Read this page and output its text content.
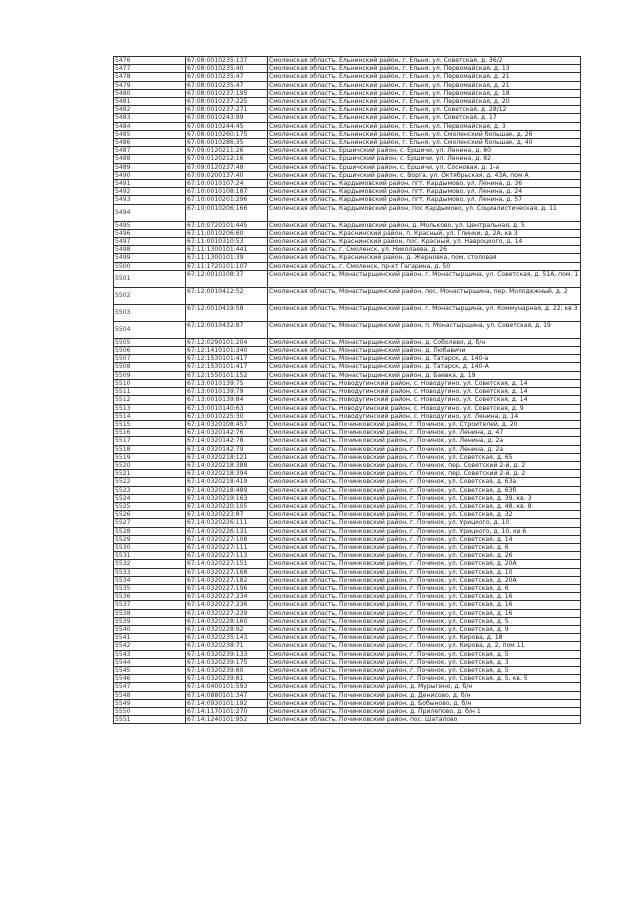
5476	67:08:0010235:137	Смоленская область, Ельнинский район, г. Ельня, ул. Советская, д. 36/2
5477	67:08:0010235:40	Смоленская область, Ельнинский район, г. Ельня, ул. Первомайская, д. 13
5478	67:08:0010235:47	Смоленская область, Ельнинский район, г. Ельня, ул. Первомайская, д. 21
5479	67:08:0010235:47	Смоленская область, Ельнинский район, г. Ельня, ул. Первомайская, д. 21
5480	67:08:0010237:195	Смоленская область, Ельнинский район, г. Ельня, ул. Первомайская, д. 18
5481	67:08:0010237:225	Смоленская область, Ельнинский район, г. Ельня, ул. Первомайская, д. 20
5482	67:08:0010237:271	Смоленская область, Ельнинский район, г. Ельня, ул. Советская, д. 28/12
5483	67:08:0010243:99	Смоленская область, Ельнинский район, г. Ельня, ул. Советская, д. 17
5484	67:08:0010244:45	Смоленская область, Ельнинский район, г. Ельня, ул. Первомайская, д. 3
5485	67:08:0010260:175	Смоленская область, Ельнинский район, г. Ельня, ул. Смоленский большак, д. 26
5486	67:08:0010286:35	Смоленская область, Ельнинский район, г. Ельня, ул. Смоленский большак, д. 40
5487	67:09:0120211:26	Смоленская область, Ершичский район, с. Ершичи, ул. Ленина, д. 80
5488	67:09:0120212:16	Смоленская область, Ершичский район, с. Ершичи, ул. Ленина, д. 82
5489	67:09:0120237:48	Смоленская область, Ершичский район, с. Ершичи, ул. Сосновая, д. 1-а
5490	67:09:0200137:40	Смоленская область, Ершичский район, с. Ворга, ул. Октябрьская, д. 43А, пом А
5491	67:10:0010107:24	Смоленская область, Кардымовский район, пгт. Кардымово, ул. Ленина, д. 36
5492	67:10:0010108:187	Смоленская область, Кардымовский район, пгт. Кардымово, ул. Ленина, д. 24
5493	67:10:0010201:296	Смоленская область, Кардымовский район, пгт. Кардымово, ул. Ленина, д. 57
5494	67:10:0010206:166	Смоленская область, Кардымовский район, пос Кардымово, ул. Социалистическая, д. 11
5495	67:10:0720101:445	Смоленская область, Кардымовский район, д. Мольково, ул. Центральная, д. 5
5496	67:11:0010206:60	Смоленская область, Краснинский район, п. Красный, ул. Глинки, д. 2А, кв 3
5497	67:11:0010310:53	Смоленская область, Краснинский район, пос. Красный, ул. Навроцкого, д. 14
5498	67:11:1300101:441	Смоленская область, г. Смоленск, ул. Николаева, д. 26
5499	67:11:1300101:39	Смоленская область, Краснинский район, д. Жерновка, пом. столовая
5500	67:11:1720101:107	Смоленская область, г. Смоленск, пр-кт Гагарина, д. 50
5501	67:12:0010108:37	Смоленская область, Монастырщинский район, г. Монастырщина, ул. Советская, д. 51А, пом. 1
5502	67:12:0010412:52	Смоленская область, Монастырщинский район, пос. Монастырщина, пер. Молодежный, д. 2
5503	67:12:0010419:58	Смоленская область, Монастырщинский район, г. Монастырщина, ул. Коммунарная, д. 22, кв 3
5504	67:12:0010432:87	Смоленская область, Монастырщинский район, п. Монастырщина, ул. Советская, д. 19
5505	67:12:0290101:204	Смоленская область, Монастырщинский район, д. Соболево, д. б/н
5506	67:12:1410101:340	Смоленская область, Монастырщинский район, д. Любавичи
5507	67:12:1530101:417	Смоленская область, Монастырщинский район, д. Татарск, д. 140-а
5508	67:12:1530101:417	Смоленская область, Монастырщинский район, д. Татарск, д. 140-А
5509	67:12:1550101:152	Смоленская область, Монастырщинский район, д. Баевка, д. 19
5510	67:13:0010139:75	Смоленская область, Новодугинский район, с. Новодугино, ул. Советская, д. 14
5511	67:13:0010139:79	Смоленская область, Новодугинский район, с. Новодугино, ул. Советская, д. 14
5512	67:13:0010139:84	Смоленская область, Новодугинский район, с. Новодугино, ул. Советская, д. 14
5513	67:13:0010140:63	Смоленская область, Новодугинский район, с. Новодугино, ул. Советская, д. 9
5514	67:13:0010225:30	Смоленская область, Новодугинский район, с. Новодугино, ул. Ленина, д. 14
5515	67:14:0320108:457	Смоленская область, Починковский район, г. Починок, ул. Строителей, д. 20
5516	67:14:0320142:76	Смоленская область, Починковский район, г. Починок, ул. Ленина, д. 47
5517	67:14:0320142:78	Смоленская область, Починковский район, г. Починок, ул. Ленина, д. 2а
5518	67:14:0320142:79	Смоленская область, Починковский район, г. Починок, ул. Ленина, д. 2а
5519	67:14:0320218:121	Смоленская область, Починковский район, г. Починок, ул. Советская, д. 65
5520	67:14:0320218:388	Смоленская область, Починковский район, г. Починок, пер. Советский 2-й, д. 2
5521	67:14:0320218:394	Смоленская область, Починковский район, г. Починок, пер. Советский 2-й, д. 2
5522	67:14:0320218:419	Смоленская область, Починковский район, г. Починок, ул. Советская, д. 63а
5523	67:14:0320218:489	Смоленская область, Починковский район, г. Починок, ул. Советская, д. 63б
5524	67:14:0320219:163	Смоленская область, Починковский район, г. Починок, ул. Советская, д. 39, кв. 3
5525	67:14:0320220:105	Смоленская область, Починковский район, г. Починок, ул. Советская, д. 48, кв. 8
5526	67:14:0320223:87	Смоленская область, Починковский район, г. Починок, ул. Советская, д. 32
5527	67:14:0320226:111	Смоленская область, Починковский район, г. Починок, ул. Урицкого, д. 10
5528	67:14:0320226:131	Смоленская область, Починковский район, г. Починок, ул. Урицкого, д. 10, кв 6
5529	67:14:0320227:108	Смоленская область, Починковский район, г. Починок, ул. Советская, д. 14
5530	67:14:0320227:111	Смоленская область, Починковский район, г. Починок, ул. Советская, д. 6
5531	67:14:0320227:113	Смоленская область, Починковский район, г. Починок, ул. Советская, д. 26
5532	67:14:0320227:151	Смоленская область, Починковский район, г. Починок, ул. Советская, д. 20А
5533	67:14:0320227:168	Смоленская область, Починковский район, г. Починок, ул. Советская, д. 10
5534	67:14:0320227:182	Смоленская область, Починковский район, г. Починок, ул. Советская, д. 20А
5535	67:14:0320227:196	Смоленская область, Починковский район, г. Починок, ул. Советская, д. 6
5536	67:14:0320227:234	Смоленская область, Починковский район, г. Починок, ул. Советская, д. 16
5537	67:14:0320227:236	Смоленская область, Починковский район, г. Починок, ул. Советская, д. 16
5538	67:14:0320227:239	Смоленская область, Починковский район, г. Починок, ул. Советская, д. 16
5539	67:14:0320228:160	Смоленская область, Починковский район, г. Починок, ул. Советская, д. 5
5540	67:14:0320228:92	Смоленская область, Починковский район, г. Починок, ул. Советская, д. 9
5541	67:14:0320235:143	Смоленская область, Починковский район, г. Починок, ул. Кирова, д. 18
5542	67:14:0320238:71	Смоленская область, Починковский район, г. Починок, ул. Кирова, д. 2, пом 11
5543	67:14:0320239:133	Смоленская область, Починковский район, г. Починок, ул. Советская, д. 5
5544	67:14:0320239:175	Смоленская область, Починковский район, г. Починок, ул. Советская, д. 3
5545	67:14:0320239:80	Смоленская область, Починковский район, г. Починок, ул. Советская, д. 5
5546	67:14:0320239:81	Смоленская область, Починковский район, г. Починок, ул. Советская, д. 5, кв. 5
5547	67:14:0400101:593	Смоленская область, Починковский район, д. Мурыгино, д. б/н
5548	67:14:0880101:347	Смоленская область, Починковский район, д. Денисово, д. б/н
5549	67:14:0930101:192	Смоленская область, Починковский район, д. Бобыново, д. б/н
5550	67:14:1170101:270	Смоленская область, Починковский район, д. Прилепово, д. б/н 1
5551	67:14:1240101:952	Смоленская область, Починковский район, пос. Шаталово
